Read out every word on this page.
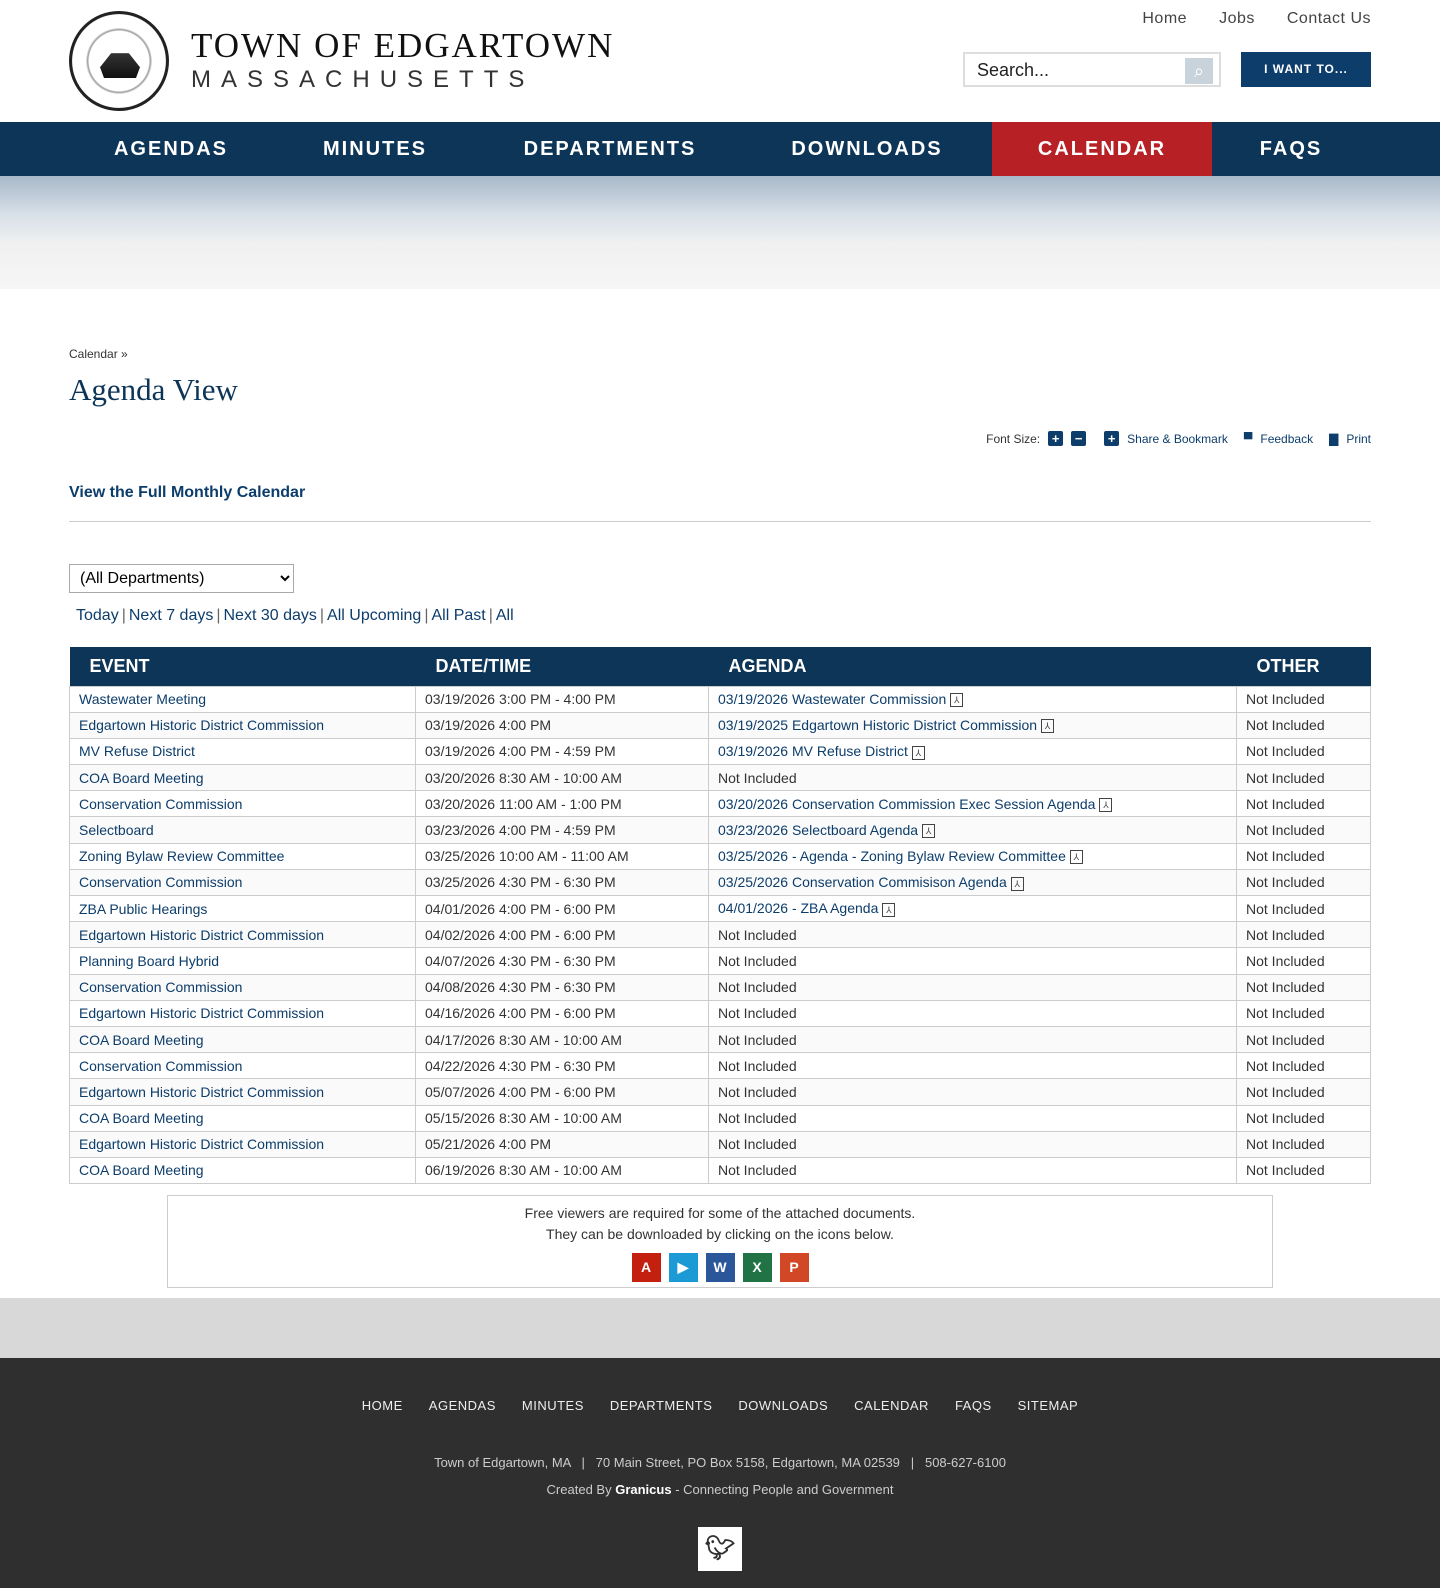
TOWN OF EDGARTOWN
MASSACHUSETTS
Home Jobs Contact Us
Search...	⌕	I WANT TO...
AGENDAS	MINUTES	DEPARTMENTS	DOWNLOADS	CALENDAR	FAQS
Calendar »
Agenda View
Font Size: + − + Share & Bookmark ▀ Feedback ▇ Print
View the Full Monthly Calendar
(All Departments)
Today | Next 7 days | Next 30 days | All Upcoming | All Past | All
EVENT	DATE/TIME	AGENDA	OTHER
Wastewater Meeting	03/19/2026 3:00 PM - 4:00 PM	03/19/2026 Wastewater Commission ⅄	Not Included
Edgartown Historic District Commission	03/19/2026 4:00 PM	03/19/2025 Edgartown Historic District Commission ⅄	Not Included
MV Refuse District	03/19/2026 4:00 PM - 4:59 PM	03/19/2026 MV Refuse District ⅄	Not Included
COA Board Meeting	03/20/2026 8:30 AM - 10:00 AM	Not Included	Not Included
Conservation Commission	03/20/2026 11:00 AM - 1:00 PM	03/20/2026 Conservation Commission Exec Session Agenda ⅄	Not Included
Selectboard	03/23/2026 4:00 PM - 4:59 PM	03/23/2026 Selectboard Agenda ⅄	Not Included
Zoning Bylaw Review Committee	03/25/2026 10:00 AM - 11:00 AM	03/25/2026 - Agenda - Zoning Bylaw Review Committee ⅄	Not Included
Conservation Commission	03/25/2026 4:30 PM - 6:30 PM	03/25/2026 Conservation Commisison Agenda ⅄	Not Included
ZBA Public Hearings	04/01/2026 4:00 PM - 6:00 PM	04/01/2026 - ZBA Agenda ⅄	Not Included
Edgartown Historic District Commission	04/02/2026 4:00 PM - 6:00 PM	Not Included	Not Included
Planning Board Hybrid	04/07/2026 4:30 PM - 6:30 PM	Not Included	Not Included
Conservation Commission	04/08/2026 4:30 PM - 6:30 PM	Not Included	Not Included
Edgartown Historic District Commission	04/16/2026 4:00 PM - 6:00 PM	Not Included	Not Included
COA Board Meeting	04/17/2026 8:30 AM - 10:00 AM	Not Included	Not Included
Conservation Commission	04/22/2026 4:30 PM - 6:30 PM	Not Included	Not Included
Edgartown Historic District Commission	05/07/2026 4:00 PM - 6:00 PM	Not Included	Not Included
COA Board Meeting	05/15/2026 8:30 AM - 10:00 AM	Not Included	Not Included
Edgartown Historic District Commission	05/21/2026 4:00 PM	Not Included	Not Included
COA Board Meeting	06/19/2026 8:30 AM - 10:00 AM	Not Included	Not Included
Free viewers are required for some of the attached documents.
They can be downloaded by clicking on the icons below.
A	▶	W	X	P
HOME AGENDAS MINUTES DEPARTMENTS DOWNLOADS CALENDAR FAQS SITEMAP
Town of Edgartown, MA   |   70 Main Street, PO Box 5158, Edgartown, MA 02539   |   508-627-6100
Created By Granicus - Connecting People and Government
🐦︎
